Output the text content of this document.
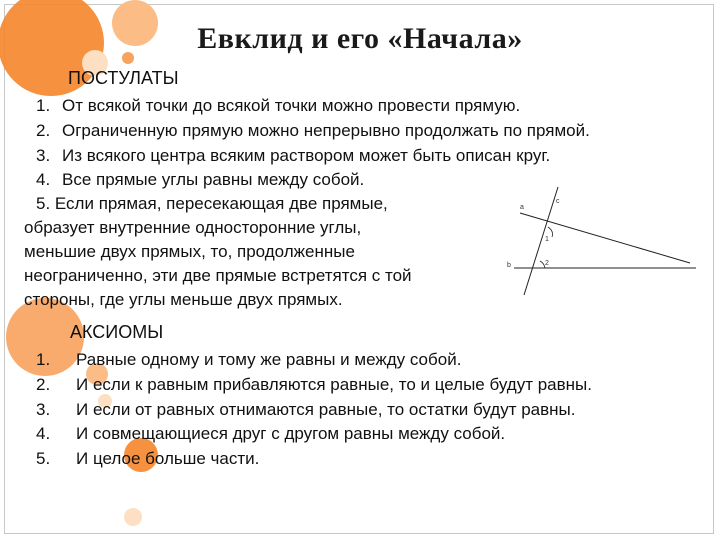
Евклид и его «Начала»
ПОСТУЛАТЫ
1. От всякой точки до всякой точки можно провести прямую.
2. Ограниченную прямую можно непрерывно продолжать по прямой.
3. Из всякого центра всяким раствором может быть описан круг.
4. Все прямые углы равны между собой.
5. Если прямая, пересекающая две прямые,
образует внутренние односторонние углы,
меньшие двух прямых, то, продолженные
неограниченно, эти две прямые встретятся с той
стороны, где углы меньше двух прямых.
a
c
1
b	2
АКСИОМЫ
1. Равные одному и тому же равны и между собой.
2. И если к равным прибавляются равные, то и целые будут равны.
3. И если от равных отнимаются равные, то остатки будут равны.
4. И совмещающиеся друг с другом равны между собой.
5. И целое больше части.
